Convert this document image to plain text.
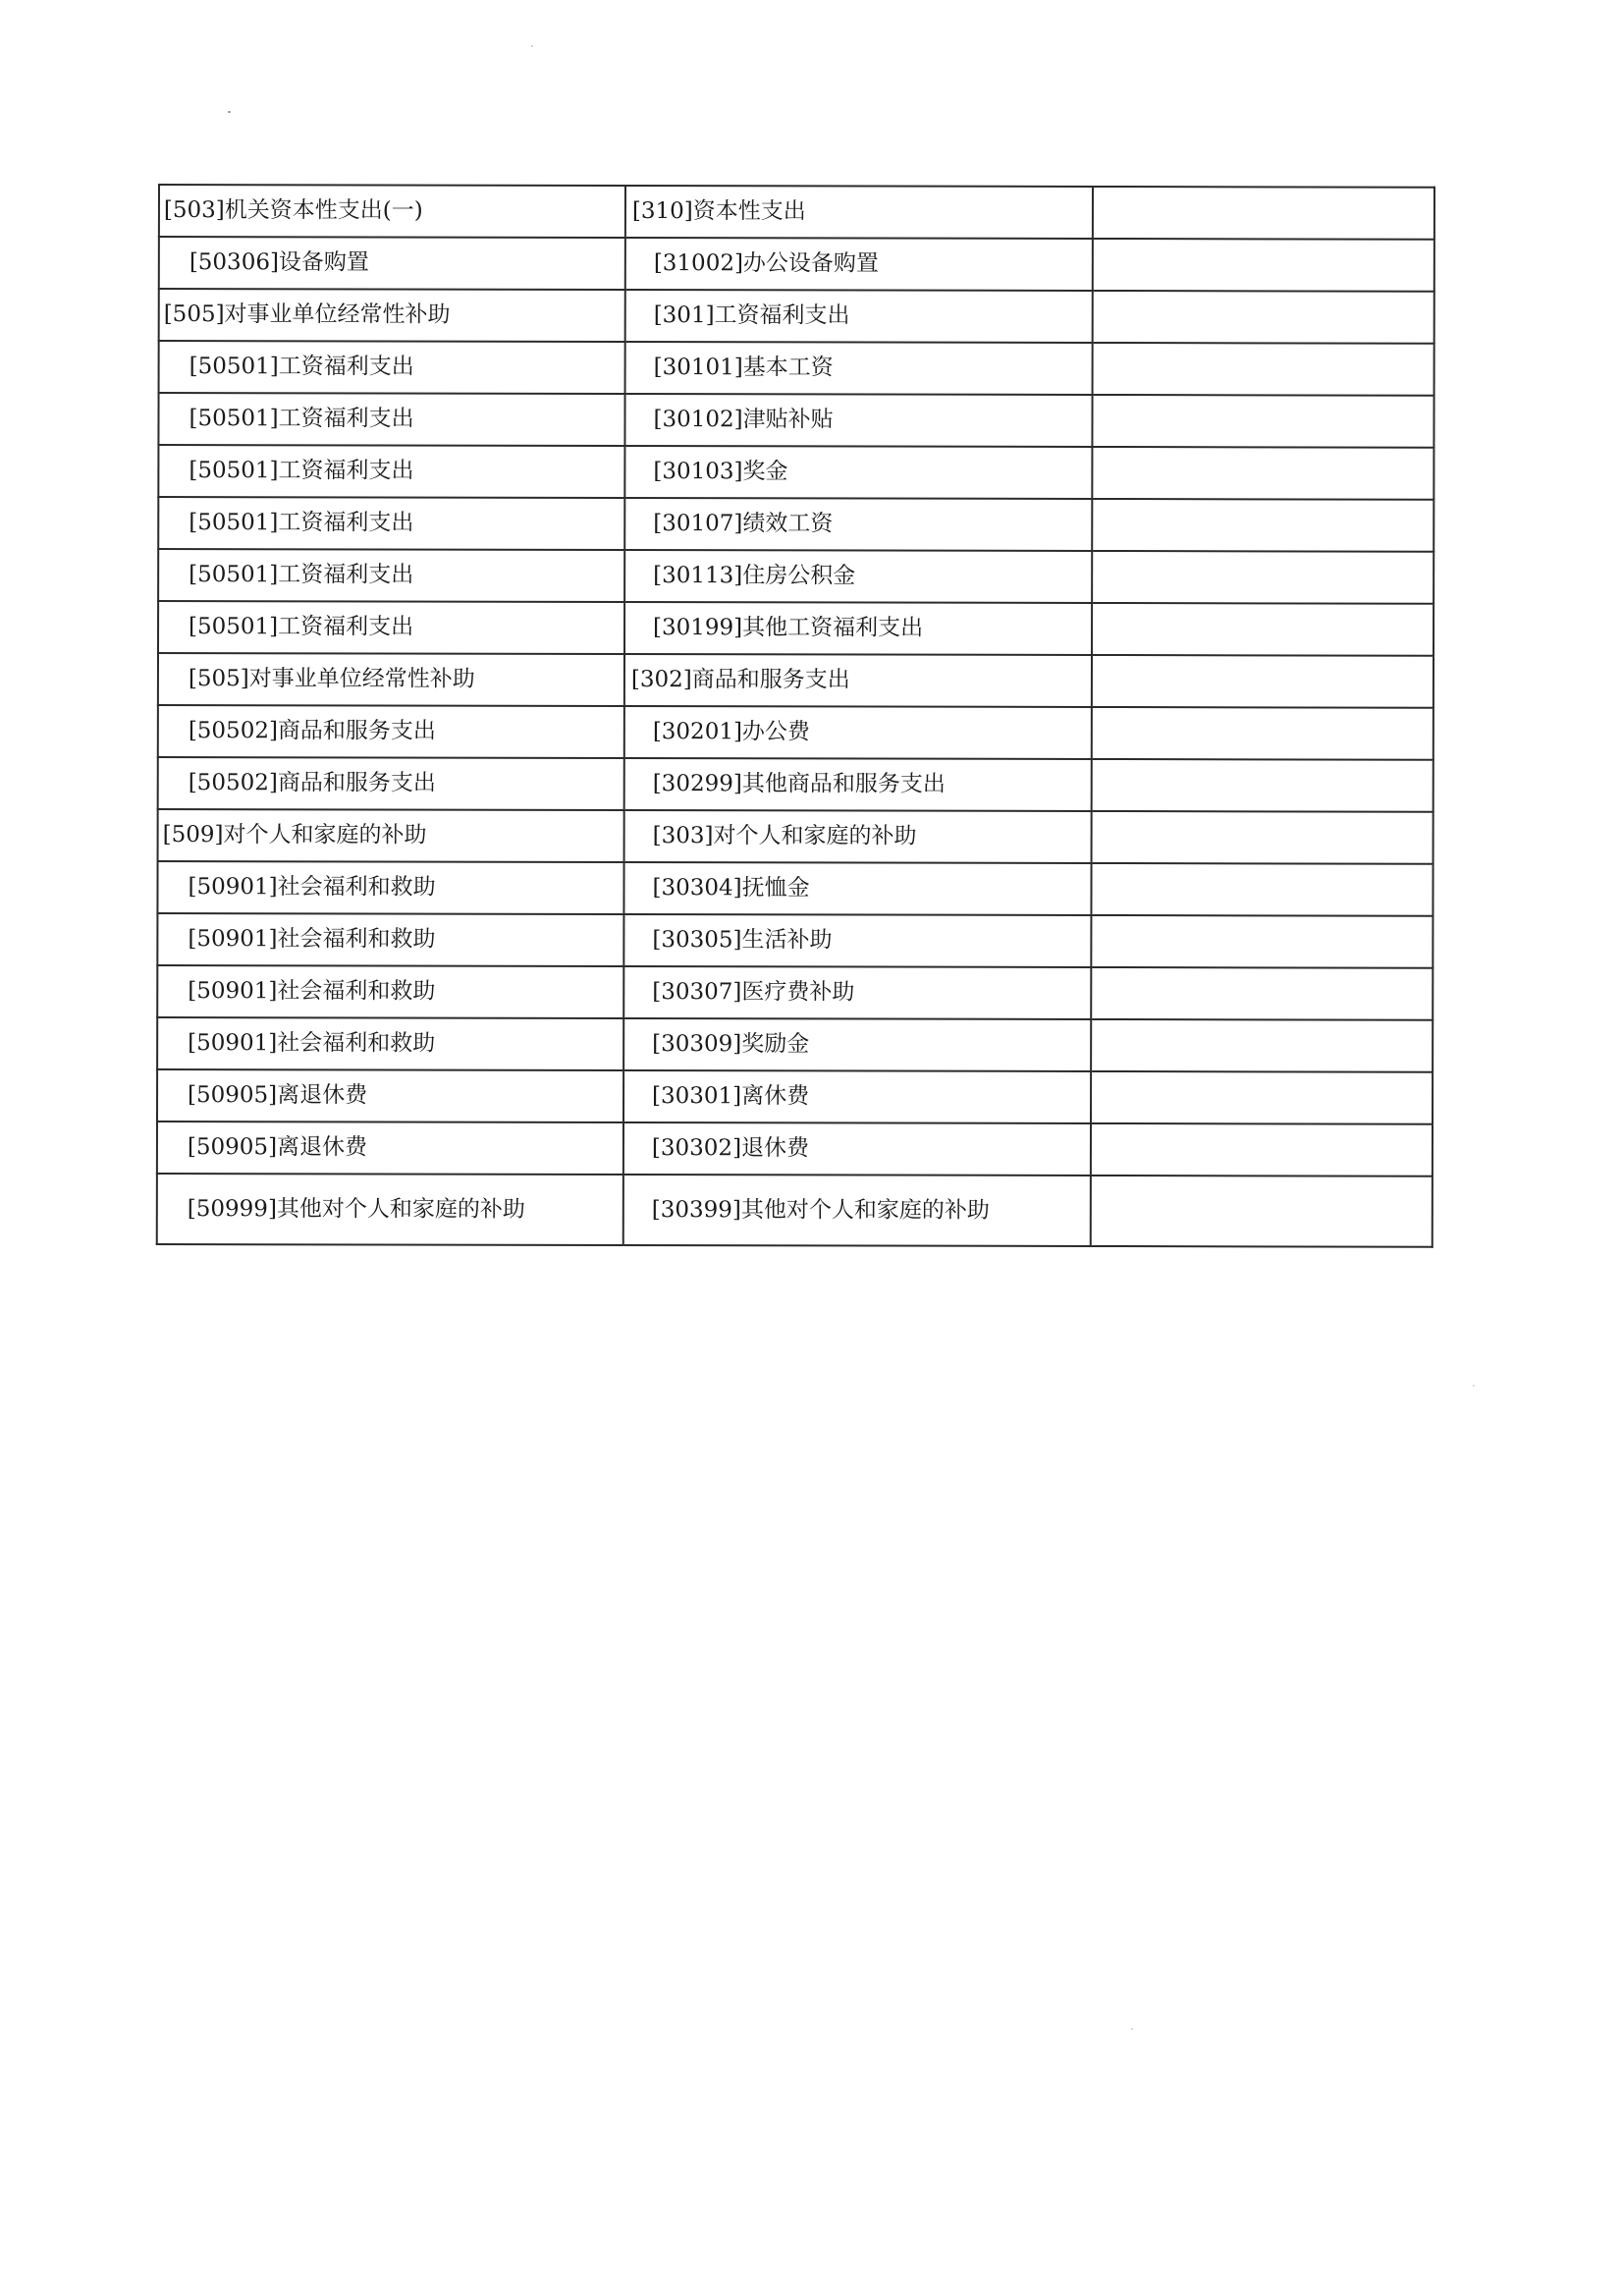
[503]机关资本性支出(一)	[310]资本性支出	
[50306]设备购置	[31002]办公设备购置	
[505]对事业单位经常性补助	[301]工资福利支出	
[50501]工资福利支出	[30101]基本工资	
[50501]工资福利支出	[30102]津贴补贴	
[50501]工资福利支出	[30103]奖金	
[50501]工资福利支出	[30107]绩效工资	
[50501]工资福利支出	[30113]住房公积金	
[50501]工资福利支出	[30199]其他工资福利支出	
[505]对事业单位经常性补助	[302]商品和服务支出	
[50502]商品和服务支出	[30201]办公费	
[50502]商品和服务支出	[30299]其他商品和服务支出	
[509]对个人和家庭的补助	[303]对个人和家庭的补助	
[50901]社会福利和救助	[30304]抚恤金	
[50901]社会福利和救助	[30305]生活补助	
[50901]社会福利和救助	[30307]医疗费补助	
[50901]社会福利和救助	[30309]奖励金	
[50905]离退休费	[30301]离休费	
[50905]离退休费	[30302]退休费	
[50999]其他对个人和家庭的补助	[30399]其他对个人和家庭的补助	
